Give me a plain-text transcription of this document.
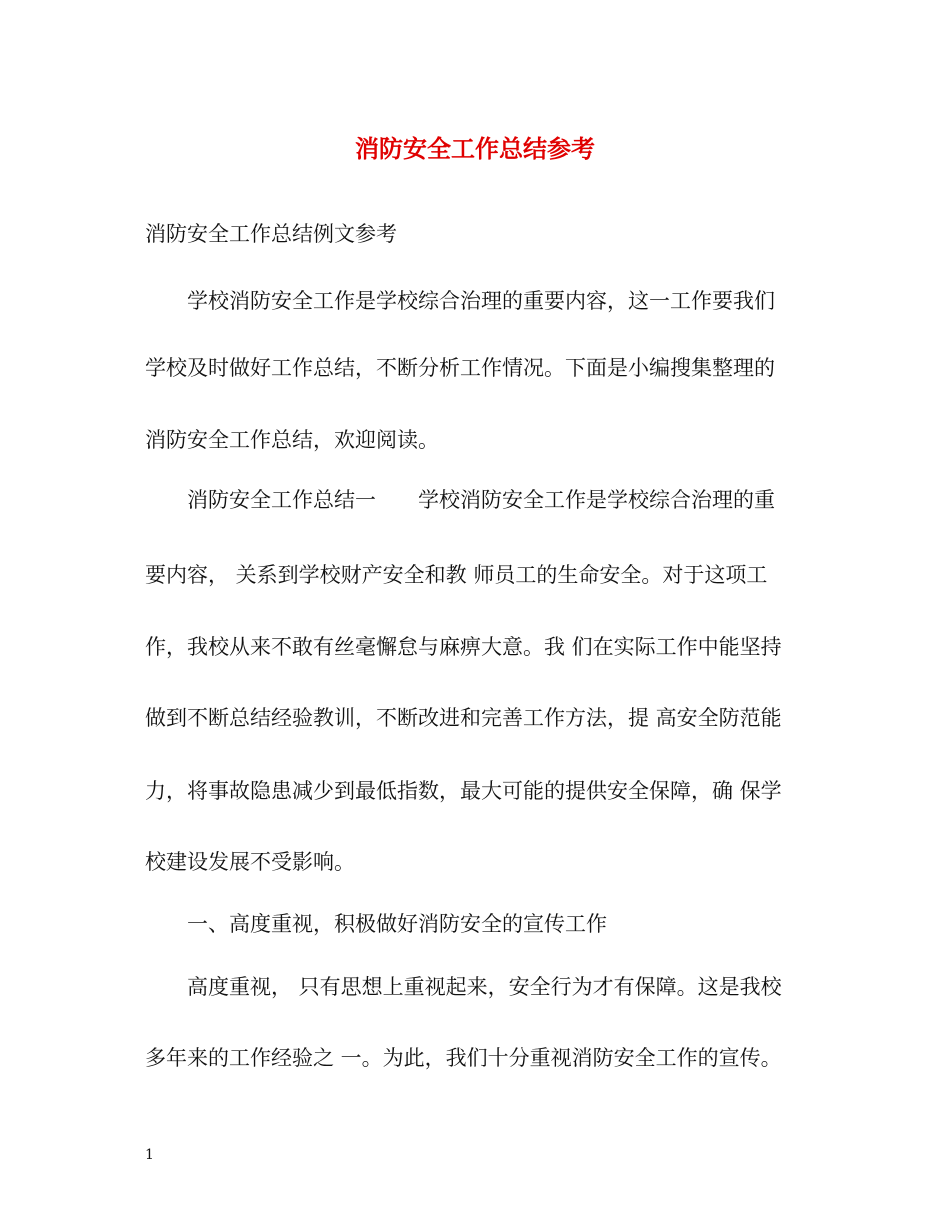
消防安全工作总结参考
消防安全工作总结例文参考
学校消防安全工作是学校综合治理的重要内容，这一工作要我们
学校及时做好工作总结，不断分析工作情况。下面是小编搜集整理的
消防安全工作总结，欢迎阅读。
消防安全工作总结一　　学校消防安全工作是学校综合治理的重
要内容， 关系到学校财产安全和教 师员工的生命安全。对于这项工
作，我校从来不敢有丝毫懈怠与麻痹大意。我 们在实际工作中能坚持
做到不断总结经验教训，不断改进和完善工作方法，提 高安全防范能
力，将事故隐患减少到最低指数，最大可能的提供安全保障，确 保学
校建设发展不受影响。
一、高度重视，积极做好消防安全的宣传工作
高度重视， 只有思想上重视起来，安全行为才有保障。这是我校
多年来的工作经验之 一。为此，我们十分重视消防安全工作的宣传。
1
